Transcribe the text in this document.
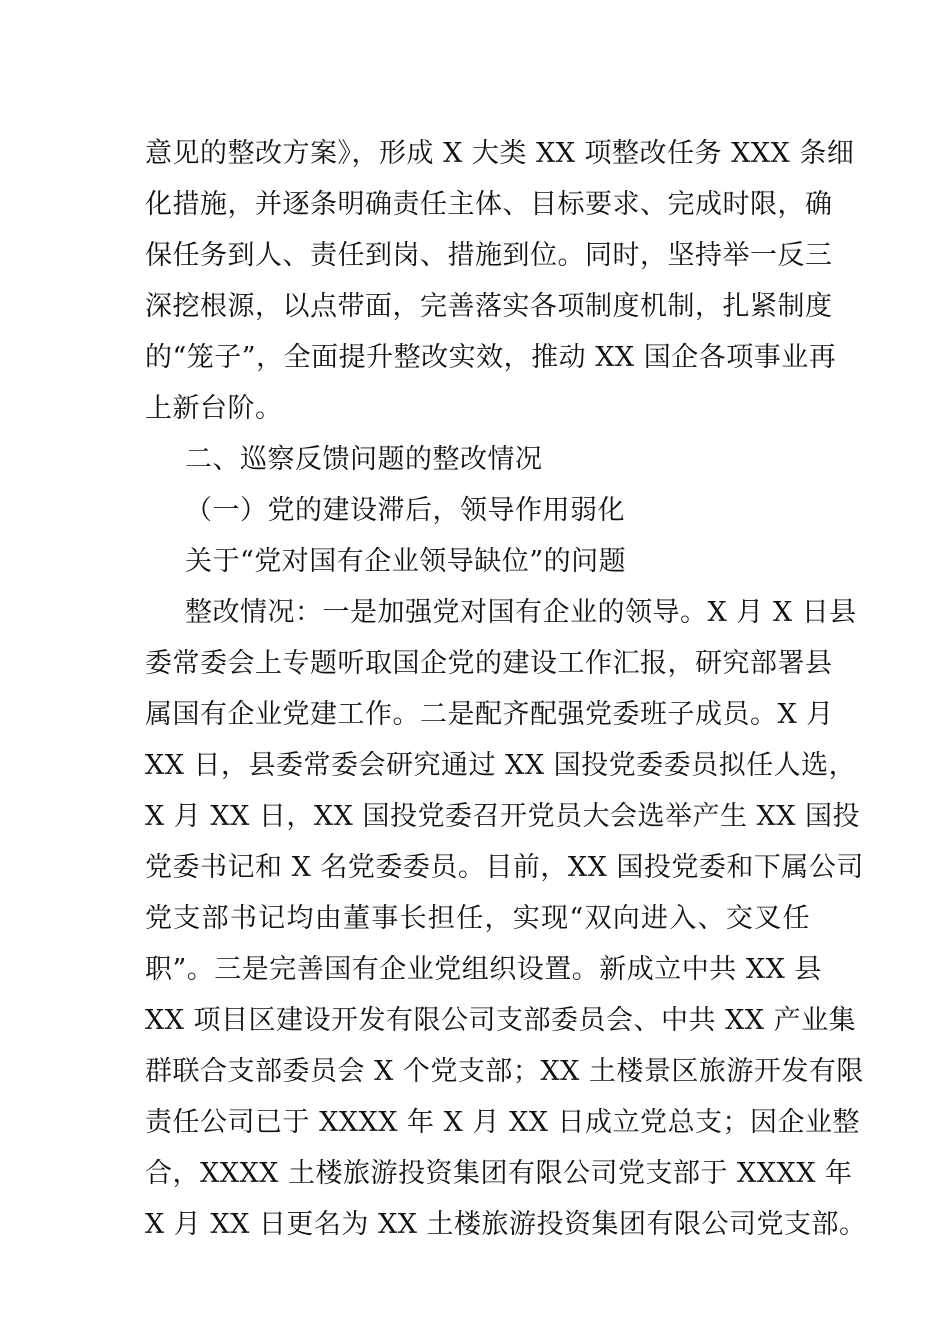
意见的整改方案》，形成 X 大类 XX 项整改任务 XXX 条细
化措施，并逐条明确责任主体、目标要求、完成时限，确
保任务到人、责任到岗、措施到位。同时，坚持举一反三
深挖根源，以点带面，完善落实各项制度机制，扎紧制度
的“笼子”，全面提升整改实效，推动 XX 国企各项事业再
上新台阶。
二、巡察反馈问题的整改情况
（一）党的建设滞后，领导作用弱化
关于“党对国有企业领导缺位”的问题
整改情况：一是加强党对国有企业的领导。X 月 X 日县
委常委会上专题听取国企党的建设工作汇报，研究部署县
属国有企业党建工作。二是配齐配强党委班子成员。X 月
XX 日，县委常委会研究通过 XX 国投党委委员拟任人选，
X 月 XX 日，XX 国投党委召开党员大会选举产生 XX 国投
党委书记和 X 名党委委员。目前，XX 国投党委和下属公司
党支部书记均由董事长担任，实现“双向进入、交叉任
职”。三是完善国有企业党组织设置。新成立中共 XX 县
XX 项目区建设开发有限公司支部委员会、中共 XX 产业集
群联合支部委员会 X 个党支部；XX 土楼景区旅游开发有限
责任公司已于 XXXX 年 X 月 XX 日成立党总支；因企业整
合，XXXX 土楼旅游投资集团有限公司党支部于 XXXX 年
X 月 XX 日更名为 XX 土楼旅游投资集团有限公司党支部。
